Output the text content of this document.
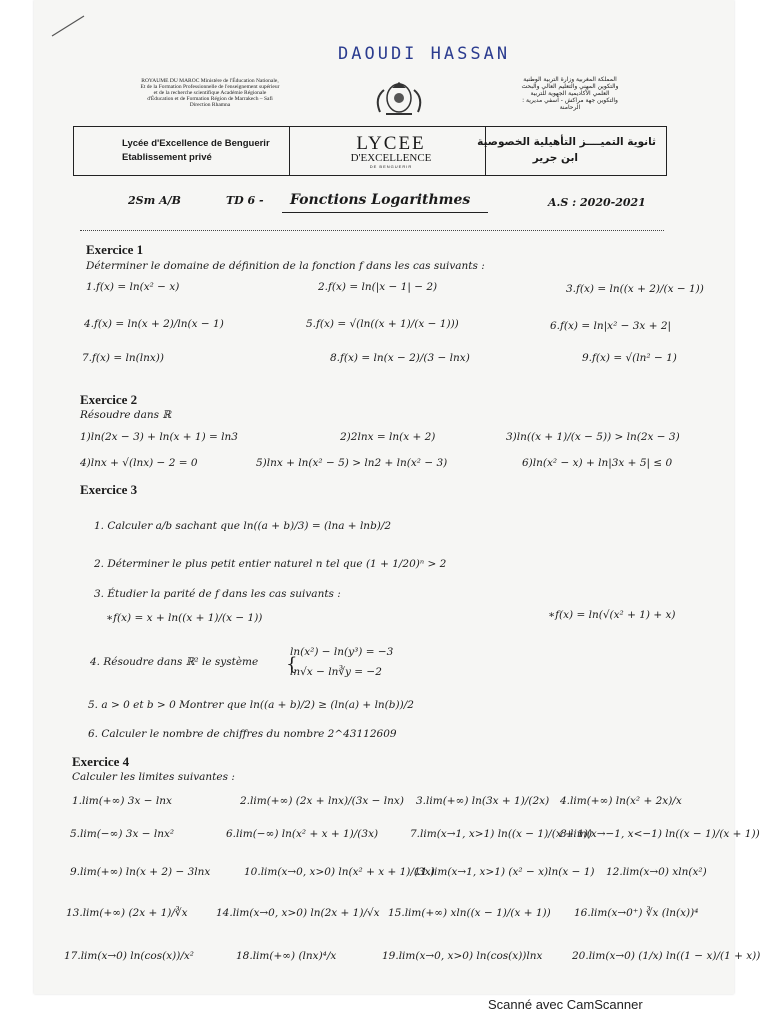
DAOUDI HASSAN
ROYAUME DU MAROC Ministère de l'Éducation Nationale, Et de la Formation Professionnelle de l'enseignement supérieur et de la recherche scientifique Académie Régionale d'Éducation et de Formation Région de Marrakech – Safi Direction Rhamna
المملكة المغربية وزارة التربية الوطنية والتكوين المهني والتعليم العالي والبحث العلمي الأكاديمية الجهوية للتربية والتكوين جهة مراكش - آسفي مديرية : الرحامنة
Lycée d'Excellence de Benguerir
Etablissement privé
LYCEE
D'EXCELLENCE
DE BENGUERIR
ثانوية التميــــز التأهيلية الخصوصية
ابن جرير
2Sm A/B	TD 6 - Fonctions Logarithmes	A.S : 2020-2021
Exercice 1
Déterminer le domaine de définition de la fonction f dans les cas suivants :
1.f(x) = ln(x² − x)	2.f(x) = ln(|x − 1| − 2)	3.f(x) = ln((x + 2)/(x − 1))
4.f(x) = ln(x + 2)/ln(x − 1)	5.f(x) = √(ln((x + 1)/(x − 1)))	6.f(x) = ln|x² − 3x + 2|
7.f(x) = ln(lnx))	8.f(x) = ln(x − 2)/(3 − lnx)	9.f(x) = √(ln² − 1)
Exercice 2
Résoudre dans ℝ
1)ln(2x − 3) + ln(x + 1) = ln3	2)2lnx = ln(x + 2)	3)ln((x + 1)/(x − 5)) > ln(2x − 3)
4)lnx + √(lnx) − 2 = 0	5)lnx + ln(x² − 5) > ln2 + ln(x² − 3)	6)ln(x² − x) + ln|3x + 5| ≤ 0
Exercice 3
1. Calculer a/b sachant que ln((a + b)/3) = (lna + lnb)/2
2. Déterminer le plus petit entier naturel n tel que (1 + 1/20)ⁿ > 2
3. Étudier la parité de f dans les cas suivants :
∗f(x) = x + ln((x + 1)/(x − 1))	∗f(x) = ln(√(x² + 1) + x)
4. Résoudre dans ℝ² le système {
ln(x²) − ln(y³) = −3
ln√x − ln∛y = −2
5. a > 0 et b > 0 Montrer que ln((a + b)/2) ≥ (ln(a) + ln(b))/2
6. Calculer le nombre de chiffres du nombre 2^43112609
Exercice 4
Calculer les limites suivantes :
1.lim(+∞) 3x − lnx	2.lim(+∞) (2x + lnx)/(3x − lnx) 3.lim(+∞) ln(3x + 1)/(2x) 4.lim(+∞) ln(x² + 2x)/x
5.lim(−∞) 3x − lnx²	6.lim(−∞) ln(x² + x + 1)/(3x)	7.lim(x→1, x>1) ln((x − 1)/(x + 1))
8.lim(x→−1, x<−1) ln((x − 1)/(x + 1))
9.lim(+∞) ln(x + 2) − 3lnx	10.lim(x→0, x>0) ln(x² + x + 1)/(3x)
11.lim(x→1, x>1) (x² − x)ln(x − 1) 12.lim(x→0) xln(x²)
13.lim(+∞) (2x + 1)/∛x	14.lim(x→0, x>0) ln(2x + 1)/√x 15.lim(+∞) xln((x − 1)/(x + 1)) 16.lim(x→0⁺) ∛x (ln(x))⁴
17.lim(x→0) ln(cos(x))/x²	18.lim(+∞) (lnx)⁴/x	19.lim(x→0, x>0) ln(cos(x))lnx	20.lim(x→0) (1/x) ln((1 − x)/(1 + x))
Scanné avec CamScanner
